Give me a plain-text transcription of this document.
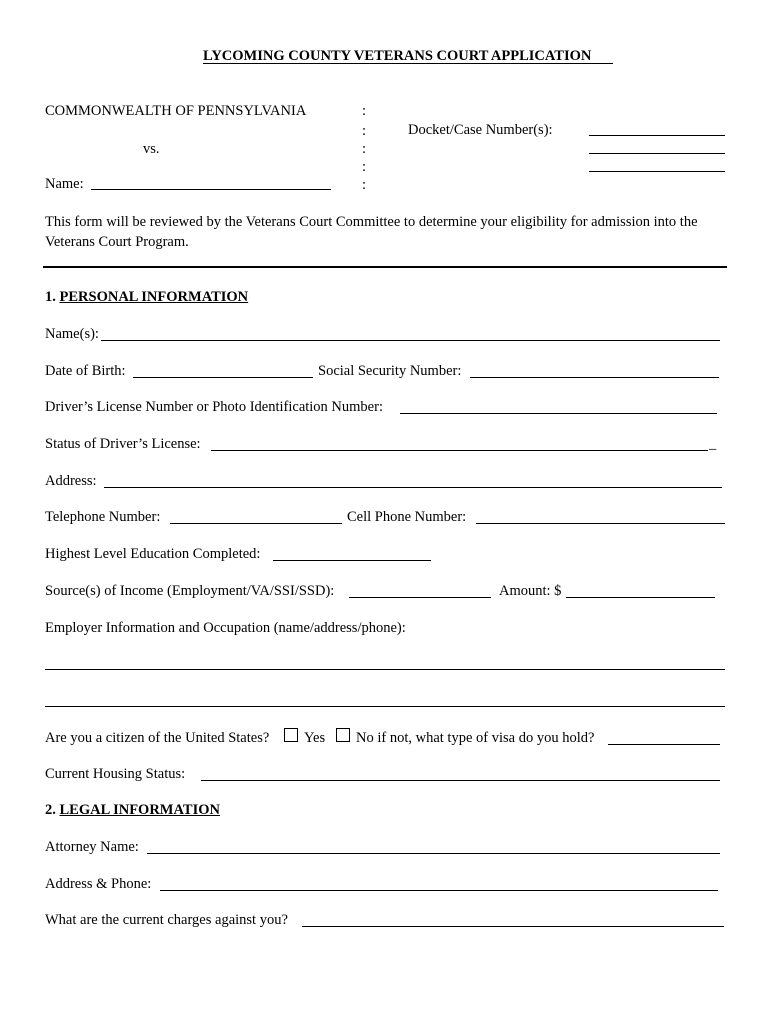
LYCOMING COUNTY VETERANS COURT APPLICATION
COMMONWEALTH OF PENNSYLVANIA
vs.
Name:
:
:
:
:
:
Docket/Case Number(s):
This form will be reviewed by the Veterans Court Committee to determine your eligibility for admission into the Veterans Court Program.
1. PERSONAL INFORMATION
Name(s):
Date of Birth:	Social Security Number:
Driver’s License Number or Photo Identification Number:
Status of Driver’s License:	_
Address:
Telephone Number:	Cell Phone Number:
Highest Level Education Completed:
Source(s) of Income (Employment/VA/SSI/SSD):	Amount: $
Employer Information and Occupation (name/address/phone):
Are you a citizen of the United States? Yes No if not, what type of visa do you hold?
Current Housing Status:
2. LEGAL INFORMATION
Attorney Name:
Address & Phone:
What are the current charges against you?
